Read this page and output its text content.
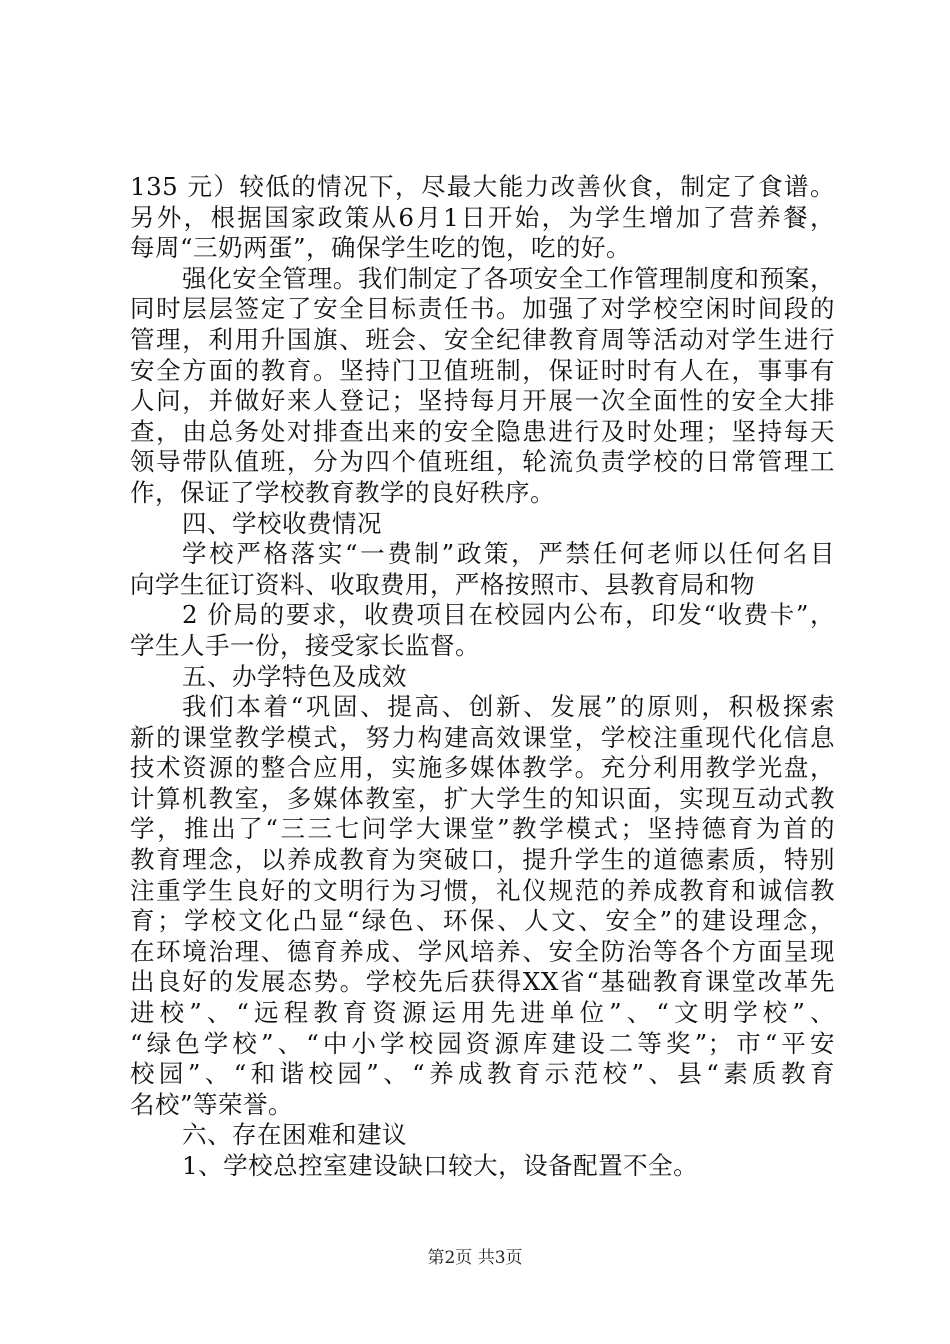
135 元）较低的情况下，尽最大能力改善伙食，制定了食谱。
另外，根据国家政策从6月1日开始，为学生增加了营养餐，
每周“三奶两蛋”，确保学生吃的饱，吃的好。
强化安全管理。我们制定了各项安全工作管理制度和预案，
同时层层签定了安全目标责任书。加强了对学校空闲时间段的
管理，利用升国旗、班会、安全纪律教育周等活动对学生进行
安全方面的教育。坚持门卫值班制，保证时时有人在，事事有
人问，并做好来人登记；坚持每月开展一次全面性的安全大排
查，由总务处对排查出来的安全隐患进行及时处理；坚持每天
领导带队值班，分为四个值班组，轮流负责学校的日常管理工
作，保证了学校教育教学的良好秩序。
四、学校收费情况
学校严格落实“一费制”政策，严禁任何老师以任何名目
向学生征订资料、收取费用，严格按照市、县教育局和物
2 价局的要求，收费项目在校园内公布，印发“收费卡”，
学生人手一份，接受家长监督。
五、办学特色及成效
我们本着“巩固、提高、创新、发展”的原则，积极探索
新的课堂教学模式，努力构建高效课堂，学校注重现代化信息
技术资源的整合应用，实施多媒体教学。充分利用教学光盘，
计算机教室，多媒体教室，扩大学生的知识面，实现互动式教
学，推出了“三三七问学大课堂”教学模式；坚持德育为首的
教育理念，以养成教育为突破口，提升学生的道德素质，特别
注重学生良好的文明行为习惯，礼仪规范的养成教育和诚信教
育；学校文化凸显“绿色、环保、人文、安全”的建设理念，
在环境治理、德育养成、学风培养、安全防治等各个方面呈现
出良好的发展态势。学校先后获得XX省“基础教育课堂改革先
进校”、“远程教育资源运用先进单位”、“文明学校”、
“绿色学校”、“中小学校园资源库建设二等奖”；市“平安
校园”、“和谐校园”、“养成教育示范校”、县“素质教育
名校”等荣誉。
六、存在困难和建议
1、学校总控室建设缺口较大，设备配置不全。
第2页 共3页
